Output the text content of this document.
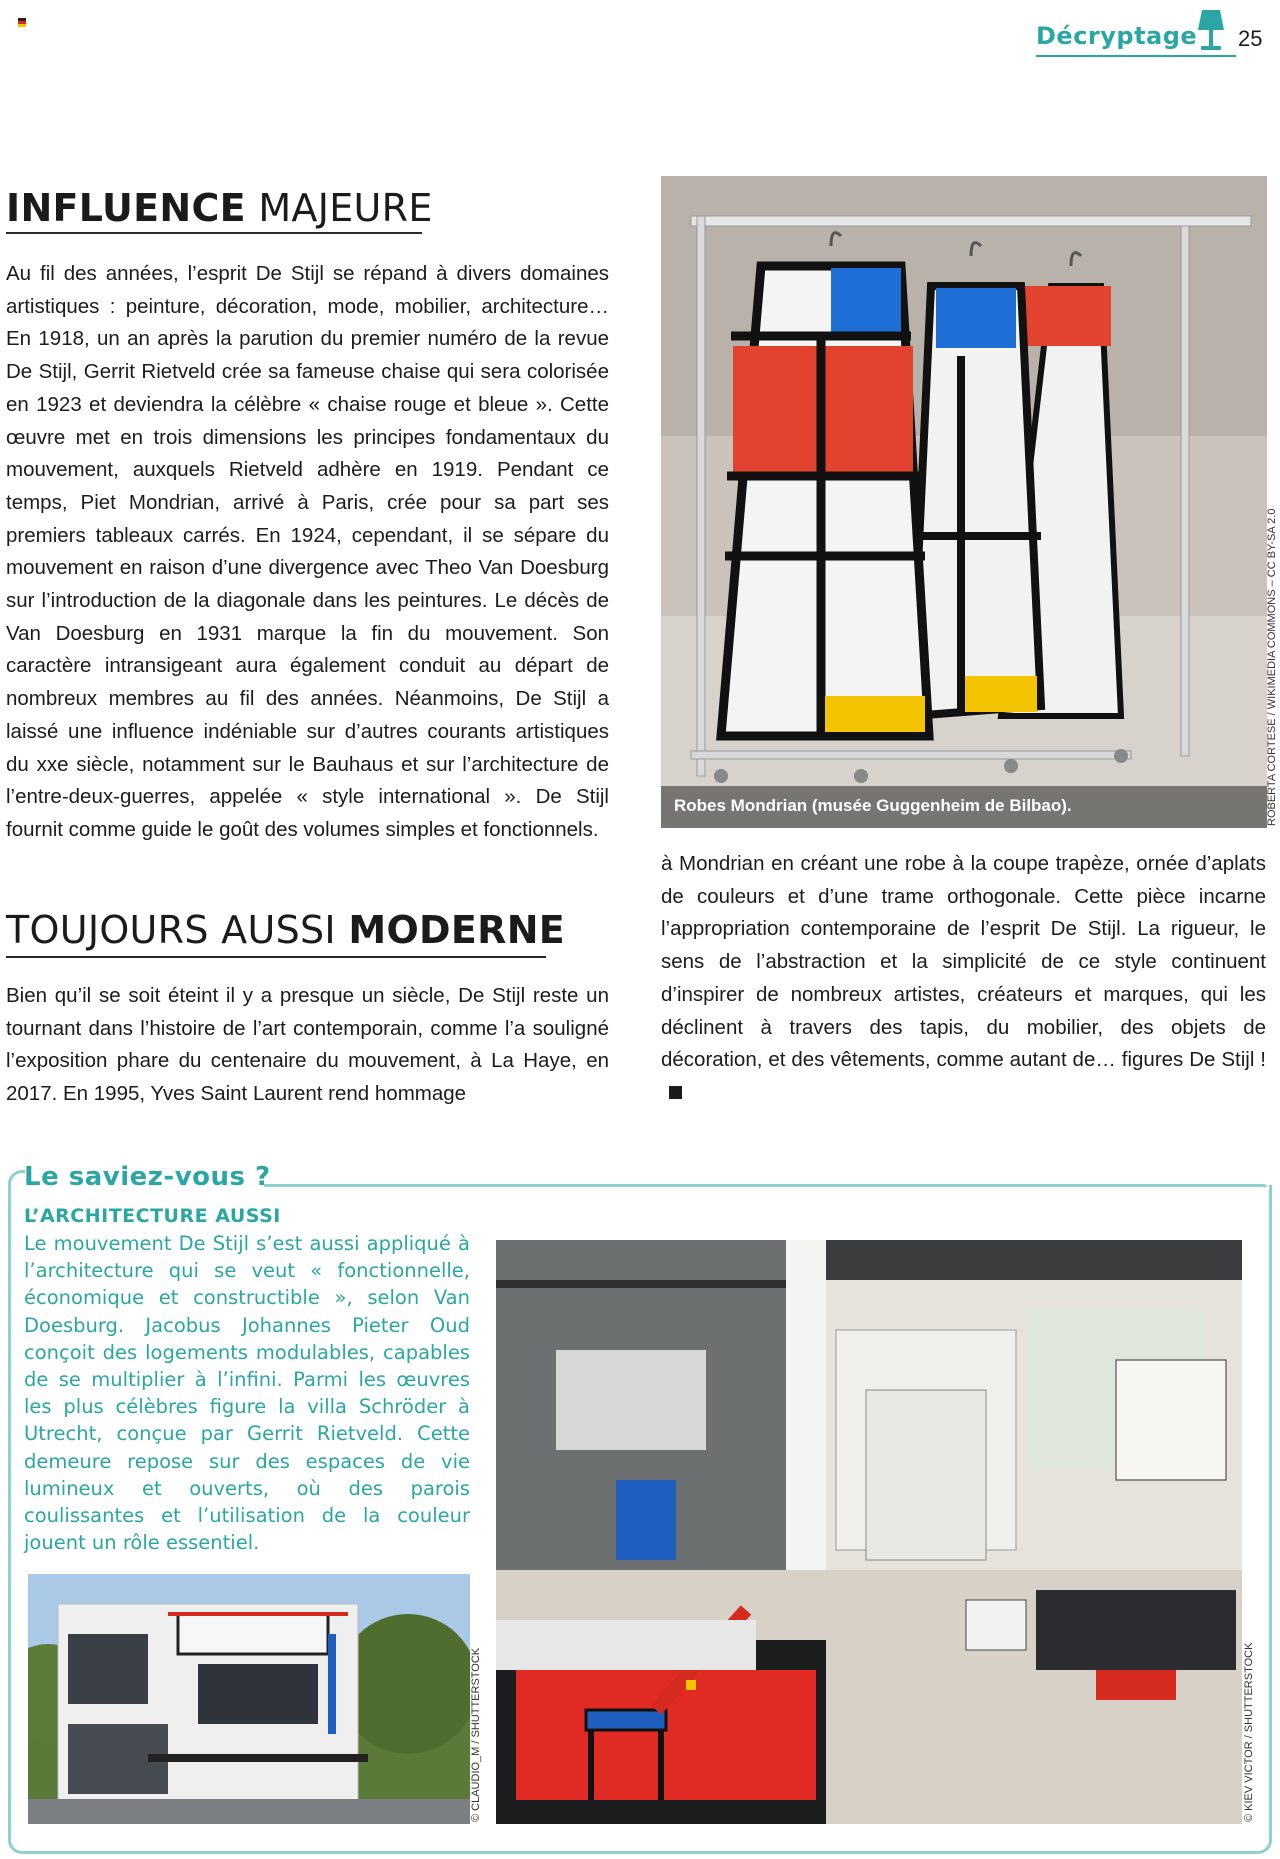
Décryptage 25
INFLUENCE MAJEURE
Au fil des années, l’esprit De Stijl se répand à divers domaines artistiques : peinture, décoration, mode, mobilier, architecture… En 1918, un an après la parution du premier numéro de la revue De Stijl, Gerrit Rietveld crée sa fameuse chaise qui sera colorisée en 1923 et deviendra la célèbre « chaise rouge et bleue ». Cette œuvre met en trois dimensions les principes fondamentaux du mouvement, auxquels Rietveld adhère en 1919. Pendant ce temps, Piet Mondrian, arrivé à Paris, crée pour sa part ses premiers tableaux carrés. En 1924, cependant, il se sépare du mouvement en raison d’une divergence avec Theo Van Doesburg sur l’introduction de la diagonale dans les peintures. Le décès de Van Doesburg en 1931 marque la fin du mouvement. Son caractère intransigeant aura également conduit au départ de nombreux membres au fil des années. Néanmoins, De Stijl a laissé une influence indéniable sur d’autres courants artistiques du xxe siècle, notamment sur le Bauhaus et sur l’architecture de l’entre-deux-guerres, appelée « style international ». De Stijl fournit comme guide le goût des volumes simples et fonctionnels.
TOUJOURS AUSSI MODERNE
Bien qu’il se soit éteint il y a presque un siècle, De Stijl reste un tournant dans l’histoire de l’art contemporain, comme l’a souligné l’exposition phare du centenaire du mouvement, à La Haye, en 2017. En 1995, Yves Saint Laurent rend hommage
à Mondrian en créant une robe à la coupe trapèze, ornée d’aplats de couleurs et d’une trame orthogonale. Cette pièce incarne l’appropriation contemporaine de l’esprit De Stijl. La rigueur, le sens de l’abstraction et la simplicité de ce style continuent d’inspirer de nombreux artistes, créateurs et marques, qui les déclinent à travers des tapis, du mobilier, des objets de décoration, et des vêtements, comme autant de… figures De Stijl !
Robes Mondrian (musée Guggenheim de Bilbao).	ROBERTA CORTESE / WIKIMEDIA COMMONS – CC BY-SA 2.0
Le saviez-vous ?
L’ARCHITECTURE AUSSI
Le mouvement De Stijl s’est aussi appliqué à l’architecture qui se veut « fonctionnelle, économique et constructible », selon Van Doesburg. Jacobus Johannes Pieter Oud conçoit des logements modulables, capables de se multiplier à l’infini. Parmi les œuvres les plus célèbres figure la villa Schröder à Utrecht, conçue par Gerrit Rietveld. Cette demeure repose sur des espaces de vie lumineux et ouverts, où des parois coulissantes et l’utilisation de la couleur jouent un rôle essentiel.
© CLAUDIO_M / SHUTTERSTOCK	© KIEV VICTOR / SHUTTERSTOCK
